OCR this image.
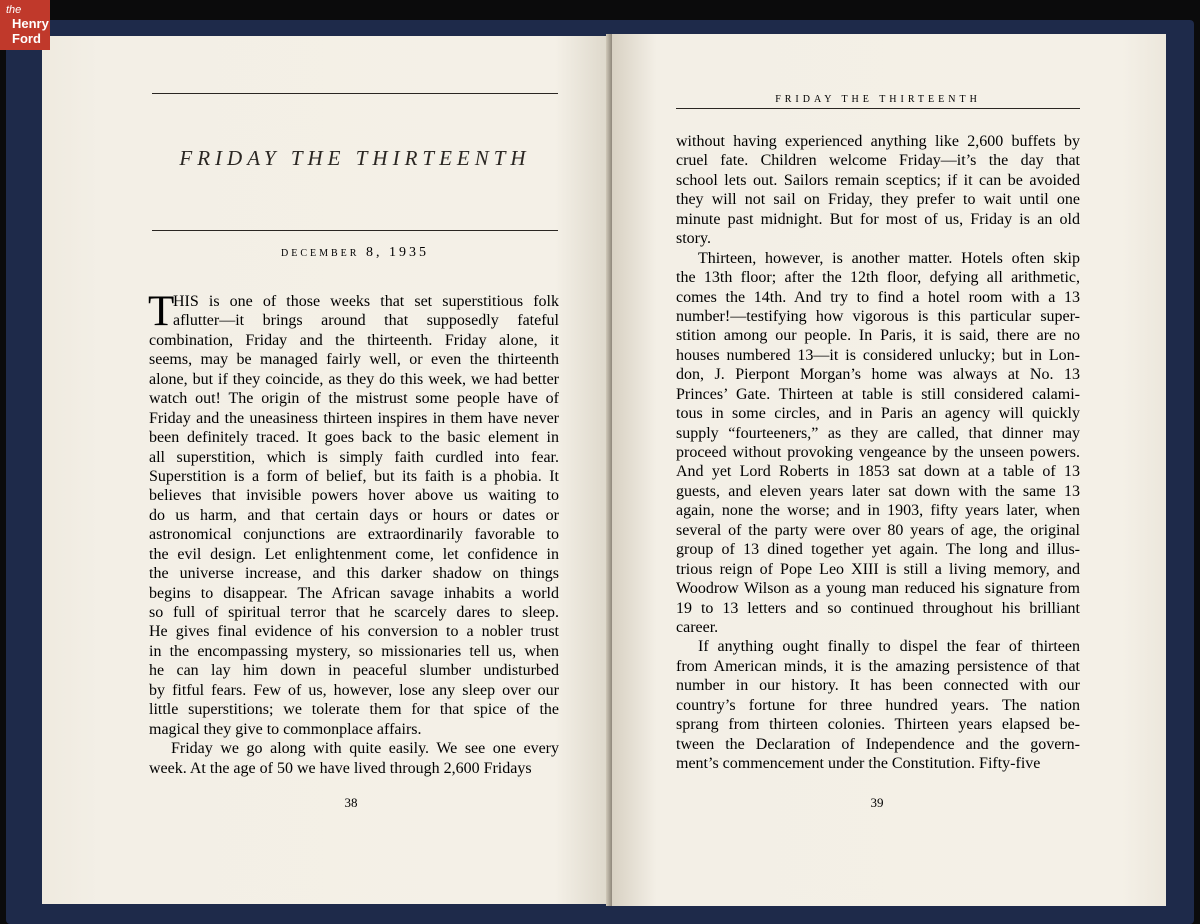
the
Henry
Ford
FRIDAY THE THIRTEENTH
DECEMBER 8, 1935
T
HIS is one of those weeks that set superstitious folk
aflutter—it brings around that supposedly fateful
combination, Friday and the thirteenth. Friday alone, it
seems, may be managed fairly well, or even the thirteenth
alone, but if they coincide, as they do this week, we had better
watch out! The origin of the mistrust some people have of
Friday and the uneasiness thirteen inspires in them have never
been definitely traced. It goes back to the basic element in
all superstition, which is simply faith curdled into fear.
Superstition is a form of belief, but its faith is a phobia. It
believes that invisible powers hover above us waiting to
do us harm, and that certain days or hours or dates or
astronomical conjunctions are extraordinarily favorable to
the evil design. Let enlightenment come, let confidence in
the universe increase, and this darker shadow on things
begins to disappear. The African savage inhabits a world
so full of spiritual terror that he scarcely dares to sleep.
He gives final evidence of his conversion to a nobler trust
in the encompassing mystery, so missionaries tell us, when
he can lay him down in peaceful slumber undisturbed
by fitful fears. Few of us, however, lose any sleep over our
little superstitions; we tolerate them for that spice of the
magical they give to commonplace affairs.
Friday we go along with quite easily. We see one every
week. At the age of 50 we have lived through 2,600 Fridays
38
FRIDAY THE THIRTEENTH
without having experienced anything like 2,600 buffets by
cruel fate. Children welcome Friday—it’s the day that
school lets out. Sailors remain sceptics; if it can be avoided
they will not sail on Friday, they prefer to wait until one
minute past midnight. But for most of us, Friday is an old
story.
Thirteen, however, is another matter. Hotels often skip
the 13th floor; after the 12th floor, defying all arithmetic,
comes the 14th. And try to find a hotel room with a 13
number!—testifying how vigorous is this particular super-
stition among our people. In Paris, it is said, there are no
houses numbered 13—it is considered unlucky; but in Lon-
don, J. Pierpont Morgan’s home was always at No. 13
Princes’ Gate. Thirteen at table is still considered calami-
tous in some circles, and in Paris an agency will quickly
supply “fourteeners,” as they are called, that dinner may
proceed without provoking vengeance by the unseen powers.
And yet Lord Roberts in 1853 sat down at a table of 13
guests, and eleven years later sat down with the same 13
again, none the worse; and in 1903, fifty years later, when
several of the party were over 80 years of age, the original
group of 13 dined together yet again. The long and illus-
trious reign of Pope Leo XIII is still a living memory, and
Woodrow Wilson as a young man reduced his signature from
19 to 13 letters and so continued throughout his brilliant
career.
If anything ought finally to dispel the fear of thirteen
from American minds, it is the amazing persistence of that
number in our history. It has been connected with our
country’s fortune for three hundred years. The nation
sprang from thirteen colonies. Thirteen years elapsed be-
tween the Declaration of Independence and the govern-
ment’s commencement under the Constitution. Fifty-five
39
